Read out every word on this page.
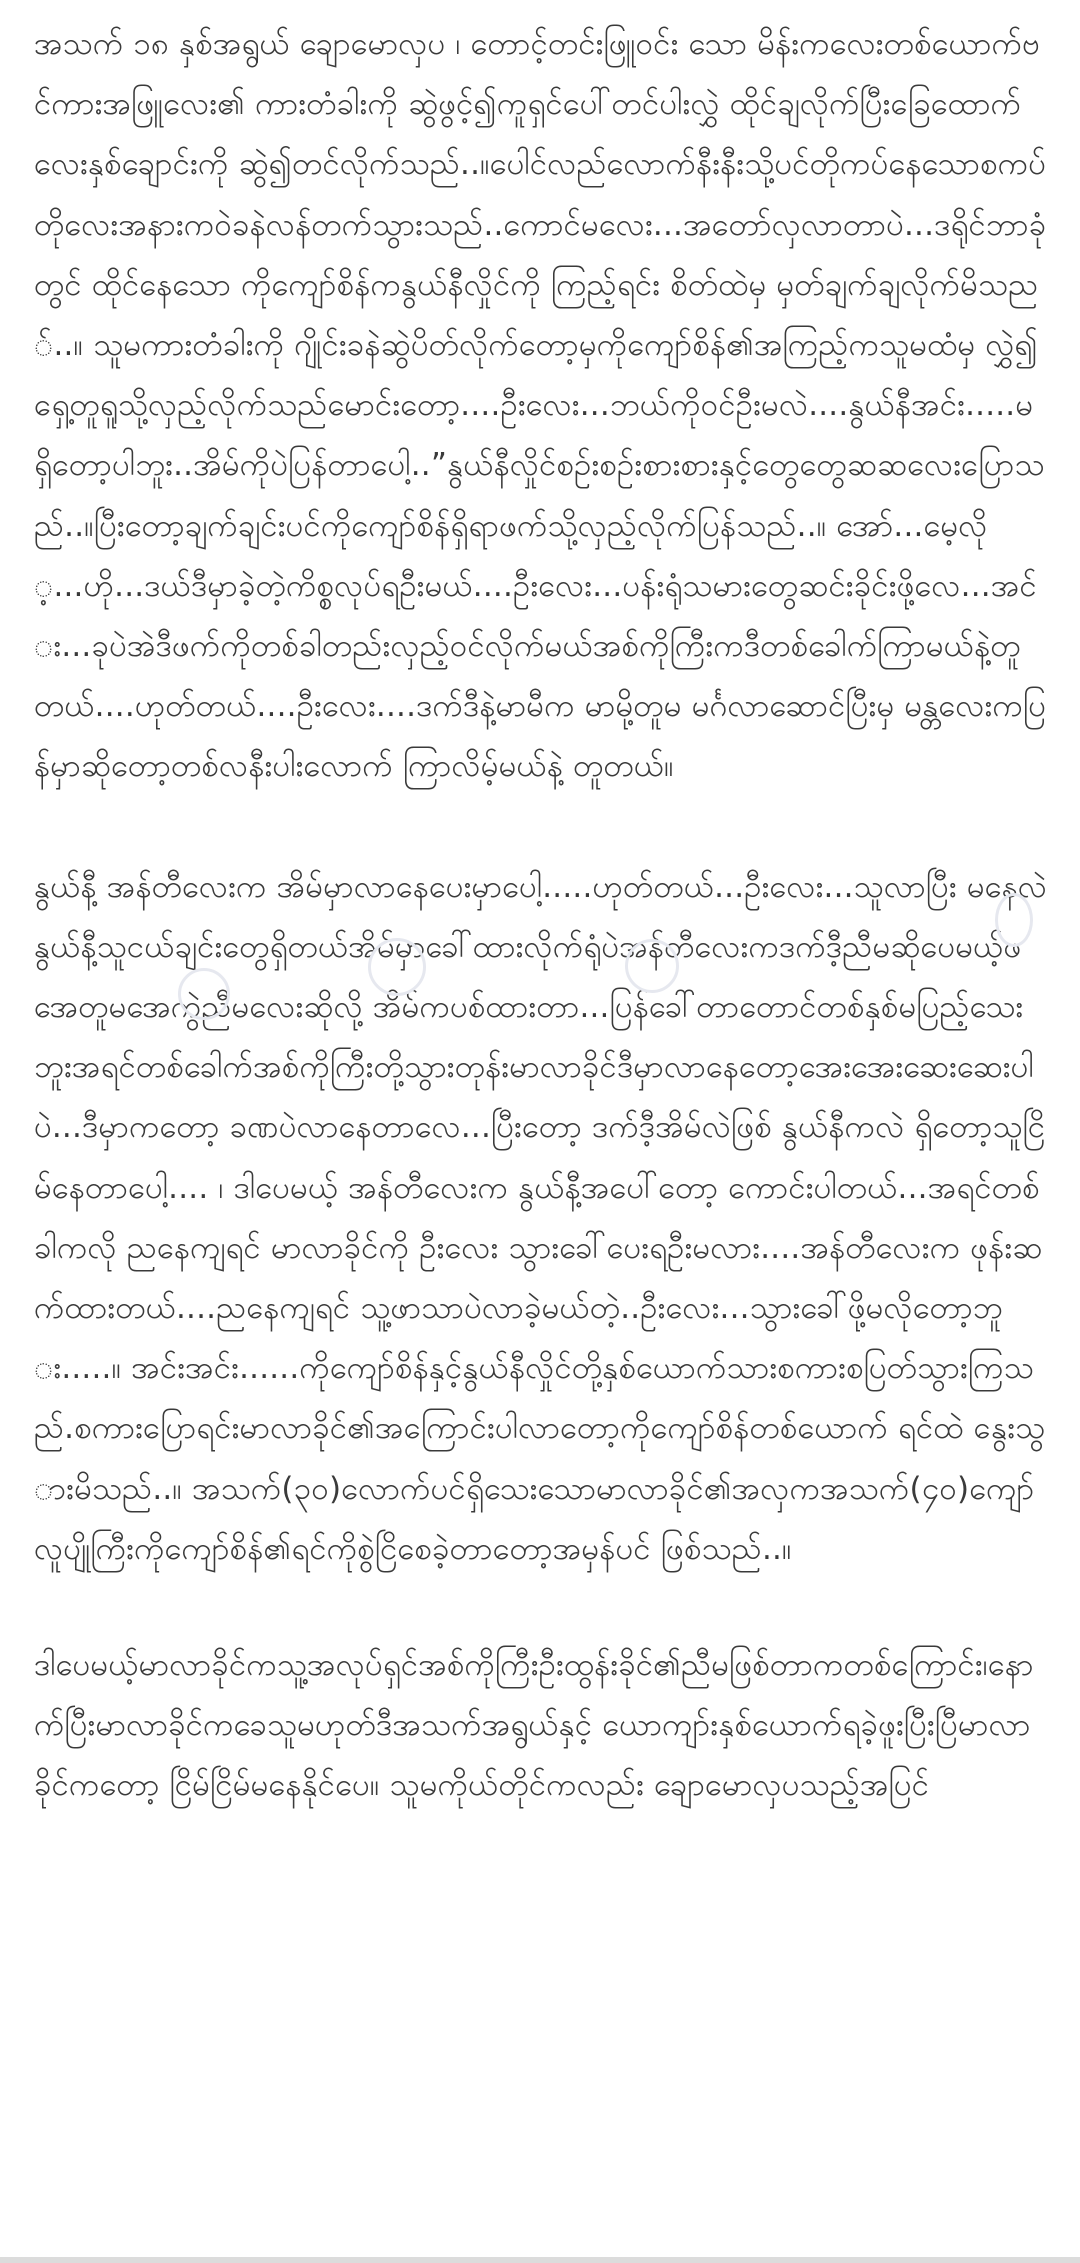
အသက် ၁၈ နှစ်အရွယ် ချောမောလှပ ၊ တောင့်တင်းဖြူဝင်း သော မိန်းကလေးတစ်ယောက်ဗင်ကားအဖြူလေး၏ ကားတံခါးကို ဆွဲဖွင့်၍ကူရှင်ပေါ်တင်ပါးလွှဲ ထိုင်ချလိုက်ပြီးခြေထောက်လေးနှစ်ချောင်းကို ဆွဲ၍တင်လိုက်သည်..။ပေါင်လည်လောက်နီးနီးသို့ပင်တိုကပ်နေသောစကပ်တိုလေးအနားကဝဲခနဲလန်တက်သွားသည်..ကောင်မလေး...အတော်လှလာတာပဲ...ဒရိုင်ဘာခုံတွင် ထိုင်နေသော ကိုကျော်စိန်ကနွယ်နီလှိုင်ကို ကြည့်ရင်း စိတ်ထဲမှ မှတ်ချက်ချလိုက်မိသည်..။ သူမကားတံခါးကို ဂျိုင်းခနဲဆွဲပိတ်လိုက်တော့မှကိုကျော်စိန်၏အကြည့်ကသူမထံမှ လွှဲ၍ရှေ့တူရူသို့လှည့်လိုက်သည်မောင်းတော့....ဦးလေး...ဘယ်ကိုဝင်ဦးမလဲ....နွယ်နီအင်း.....မရှိတော့ပါဘူး..အိမ်ကိုပဲပြန်တာပေါ့..”နွယ်နီလှိုင်စဉ်းစဉ်းစားစားနှင့်တွေတွေဆဆလေးပြောသည်..။ပြီးတော့ချက်ချင်းပင်ကိုကျော်စိန်ရှိရာဖက်သို့လှည့်လိုက်ပြန်သည်..။ အော်...မေ့လို့...ဟို...ဒယ်ဒီမှာခဲ့တဲ့ကိစ္စလုပ်ရဦးမယ်....ဦးလေး...ပန်းရုံသမားတွေဆင်းခိုင်းဖို့လေ...အင်း...ခုပဲအဲဒီဖက်ကိုတစ်ခါတည်းလှည့်ဝင်လိုက်မယ်အစ်ကိုကြီးကဒီတစ်ခေါက်ကြာမယ်နဲ့တူတယ်....ဟုတ်တယ်....ဦးလေး....ဒက်ဒီနဲ့မာမီက မာမို့တူမ မင်္ဂလာဆောင်ပြီးမှ မန္တလေးကပြန်မှာဆိုတော့တစ်လနီးပါးလောက် ကြာလိမ့်မယ်နဲ့ တူတယ်။

နွယ်နီ့ အန်တီလေးက အိမ်မှာလာနေပေးမှာပေါ့.....ဟုတ်တယ်...ဦးလေး...သူလာပြီး မနေလဲ နွယ်နီ့သူငယ်ချင်းတွေရှိတယ်အိမ်မှာခေါ်ထားလိုက်ရုံပဲအန်တီလေးကဒက်ဒီ့ညီမဆိုပေမယ့်ဖအေတူမအေကွဲညီမလေးဆိုလို့ အိမ်ကပစ်ထားတာ...ပြန်ခေါ်တာတောင်တစ်နှစ်မပြည့်သေးဘူးအရင်တစ်ခေါက်အစ်ကိုကြီးတို့သွားတုန်းမာလာခိုင်ဒီမှာလာနေတော့အေးအေးဆေးဆေးပါပဲ...ဒီမှာကတော့ ခဏပဲလာနေတာလေ...ပြီးတော့ ဒက်ဒီ့အိမ်လဲဖြစ် နွယ်နီကလဲ ရှိတော့သူငြိမ်နေတာပေါ့.... ၊ ဒါပေမယ့် အန်တီလေးက နွယ်နီ့အပေါ်တော့ ကောင်းပါတယ်...အရင်တစ်ခါကလို ညနေကျရင် မာလာခိုင်ကို ဦးလေး သွားခေါ်ပေးရဦးမလား....အန်တီလေးက ဖုန်းဆက်ထားတယ်....ညနေကျရင် သူ့ဖာသာပဲလာခဲ့မယ်တဲ့..ဦးလေး...သွားခေါ်ဖို့မလိုတော့ဘူး.....။ အင်းအင်း......ကိုကျော်စိန်နှင့်နွယ်နီလှိုင်တို့နှစ်ယောက်သားစကားစပြတ်သွားကြသည်.စကားပြောရင်းမာလာခိုင်၏အကြောင်းပါလာတော့ကိုကျော်စိန်တစ်ယောက် ရင်ထဲ နွေးသွားမိသည်..။ အသက်(၃၀)လောက်ပင်ရှိသေးသောမာလာခိုင်၏အလှကအသက်(၄၀)ကျော်လူပျိုကြီးကိုကျော်စိန်၏ရင်ကိုစွဲငြိစေခဲ့တာတော့အမှန်ပင် ဖြစ်သည်..။

ဒါပေမယ့်မာလာခိုင်ကသူ့အလုပ်ရှင်အစ်ကိုကြီးဦးထွန်းခိုင်၏ညီမဖြစ်တာကတစ်ကြောင်း၊နောက်ပြီးမာလာခိုင်ကခေသူမဟုတ်ဒီအသက်အရွယ်နှင့် ယောကျာ်းနှစ်ယောက်ရခဲ့ဖူးပြီးပြီမာလာခိုင်ကတော့ ငြိမ်ငြိမ်မနေနိုင်ပေ။ သူမကိုယ်တိုင်ကလည်း ချောမောလှပသည့်အပြင်
